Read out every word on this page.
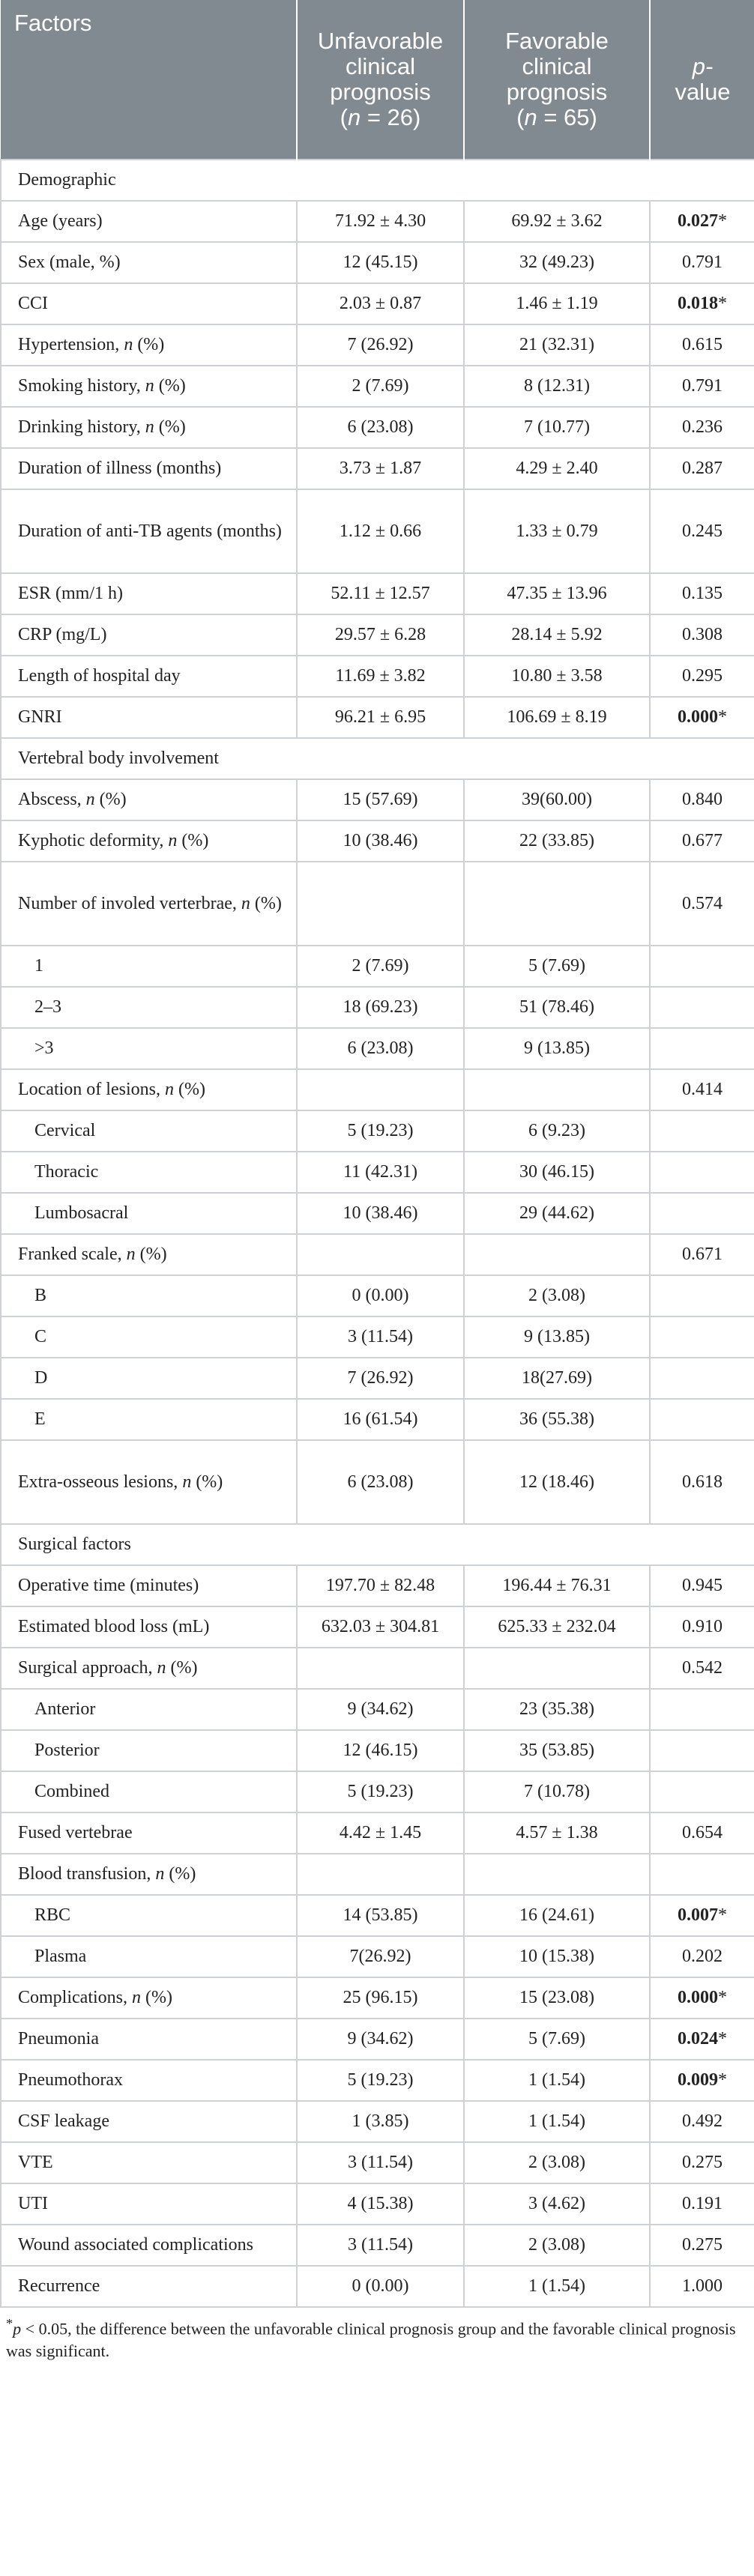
Factors	Unfavorable
clinical
prognosis
(n = 26)	Favorable
clinical
prognosis
(n = 65)	p-
value
Demographic			
Age (years)	71.92 ± 4.30	69.92 ± 3.62	0.027*
Sex (male, %)	12 (45.15)	32 (49.23)	0.791
CCI	2.03 ± 0.87	1.46 ± 1.19	0.018*
Hypertension, n (%)	7 (26.92)	21 (32.31)	0.615
Smoking history, n (%)	2 (7.69)	8 (12.31)	0.791
Drinking history, n (%)	6 (23.08)	7 (10.77)	0.236
Duration of illness (months)	3.73 ± 1.87	4.29 ± 2.40	0.287
Duration of anti-TB agents (months)	1.12 ± 0.66	1.33 ± 0.79	0.245
ESR (mm/1 h)	52.11 ± 12.57	47.35 ± 13.96	0.135
CRP (mg/L)	29.57 ± 6.28	28.14 ± 5.92	0.308
Length of hospital day	11.69 ± 3.82	10.80 ± 3.58	0.295
GNRI	96.21 ± 6.95	106.69 ± 8.19	0.000*
Vertebral body involvement			
Abscess, n (%)	15 (57.69)	39(60.00)	0.840
Kyphotic deformity, n (%)	10 (38.46)	22 (33.85)	0.677
Number of involed verterbrae, n (%)			0.574
1	2 (7.69)	5 (7.69)	
2–3	18 (69.23)	51 (78.46)	
>3	6 (23.08)	9 (13.85)	
Location of lesions, n (%)			0.414
Cervical	5 (19.23)	6 (9.23)	
Thoracic	11 (42.31)	30 (46.15)	
Lumbosacral	10 (38.46)	29 (44.62)	
Franked scale, n (%)			0.671
B	0 (0.00)	2 (3.08)	
C	3 (11.54)	9 (13.85)	
D	7 (26.92)	18(27.69)	
E	16 (61.54)	36 (55.38)	
Extra-osseous lesions, n (%)	6 (23.08)	12 (18.46)	0.618
Surgical factors			
Operative time (minutes)	197.70 ± 82.48	196.44 ± 76.31	0.945
Estimated blood loss (mL)	632.03 ± 304.81	625.33 ± 232.04	0.910
Surgical approach, n (%)			0.542
Anterior	9 (34.62)	23 (35.38)	
Posterior	12 (46.15)	35 (53.85)	
Combined	5 (19.23)	7 (10.78)	
Fused vertebrae	4.42 ± 1.45	4.57 ± 1.38	0.654
Blood transfusion, n (%)			
RBC	14 (53.85)	16 (24.61)	0.007*
Plasma	7(26.92)	10 (15.38)	0.202
Complications, n (%)	25 (96.15)	15 (23.08)	0.000*
Pneumonia	9 (34.62)	5 (7.69)	0.024*
Pneumothorax	5 (19.23)	1 (1.54)	0.009*
CSF leakage	1 (3.85)	1 (1.54)	0.492
VTE	3 (11.54)	2 (3.08)	0.275
UTI	4 (15.38)	3 (4.62)	0.191
Wound associated complications	3 (11.54)	2 (3.08)	0.275
Recurrence	0 (0.00)	1 (1.54)	1.000
*p < 0.05, the difference between the unfavorable clinical prognosis group and the favorable clinical prognosis was significant.
